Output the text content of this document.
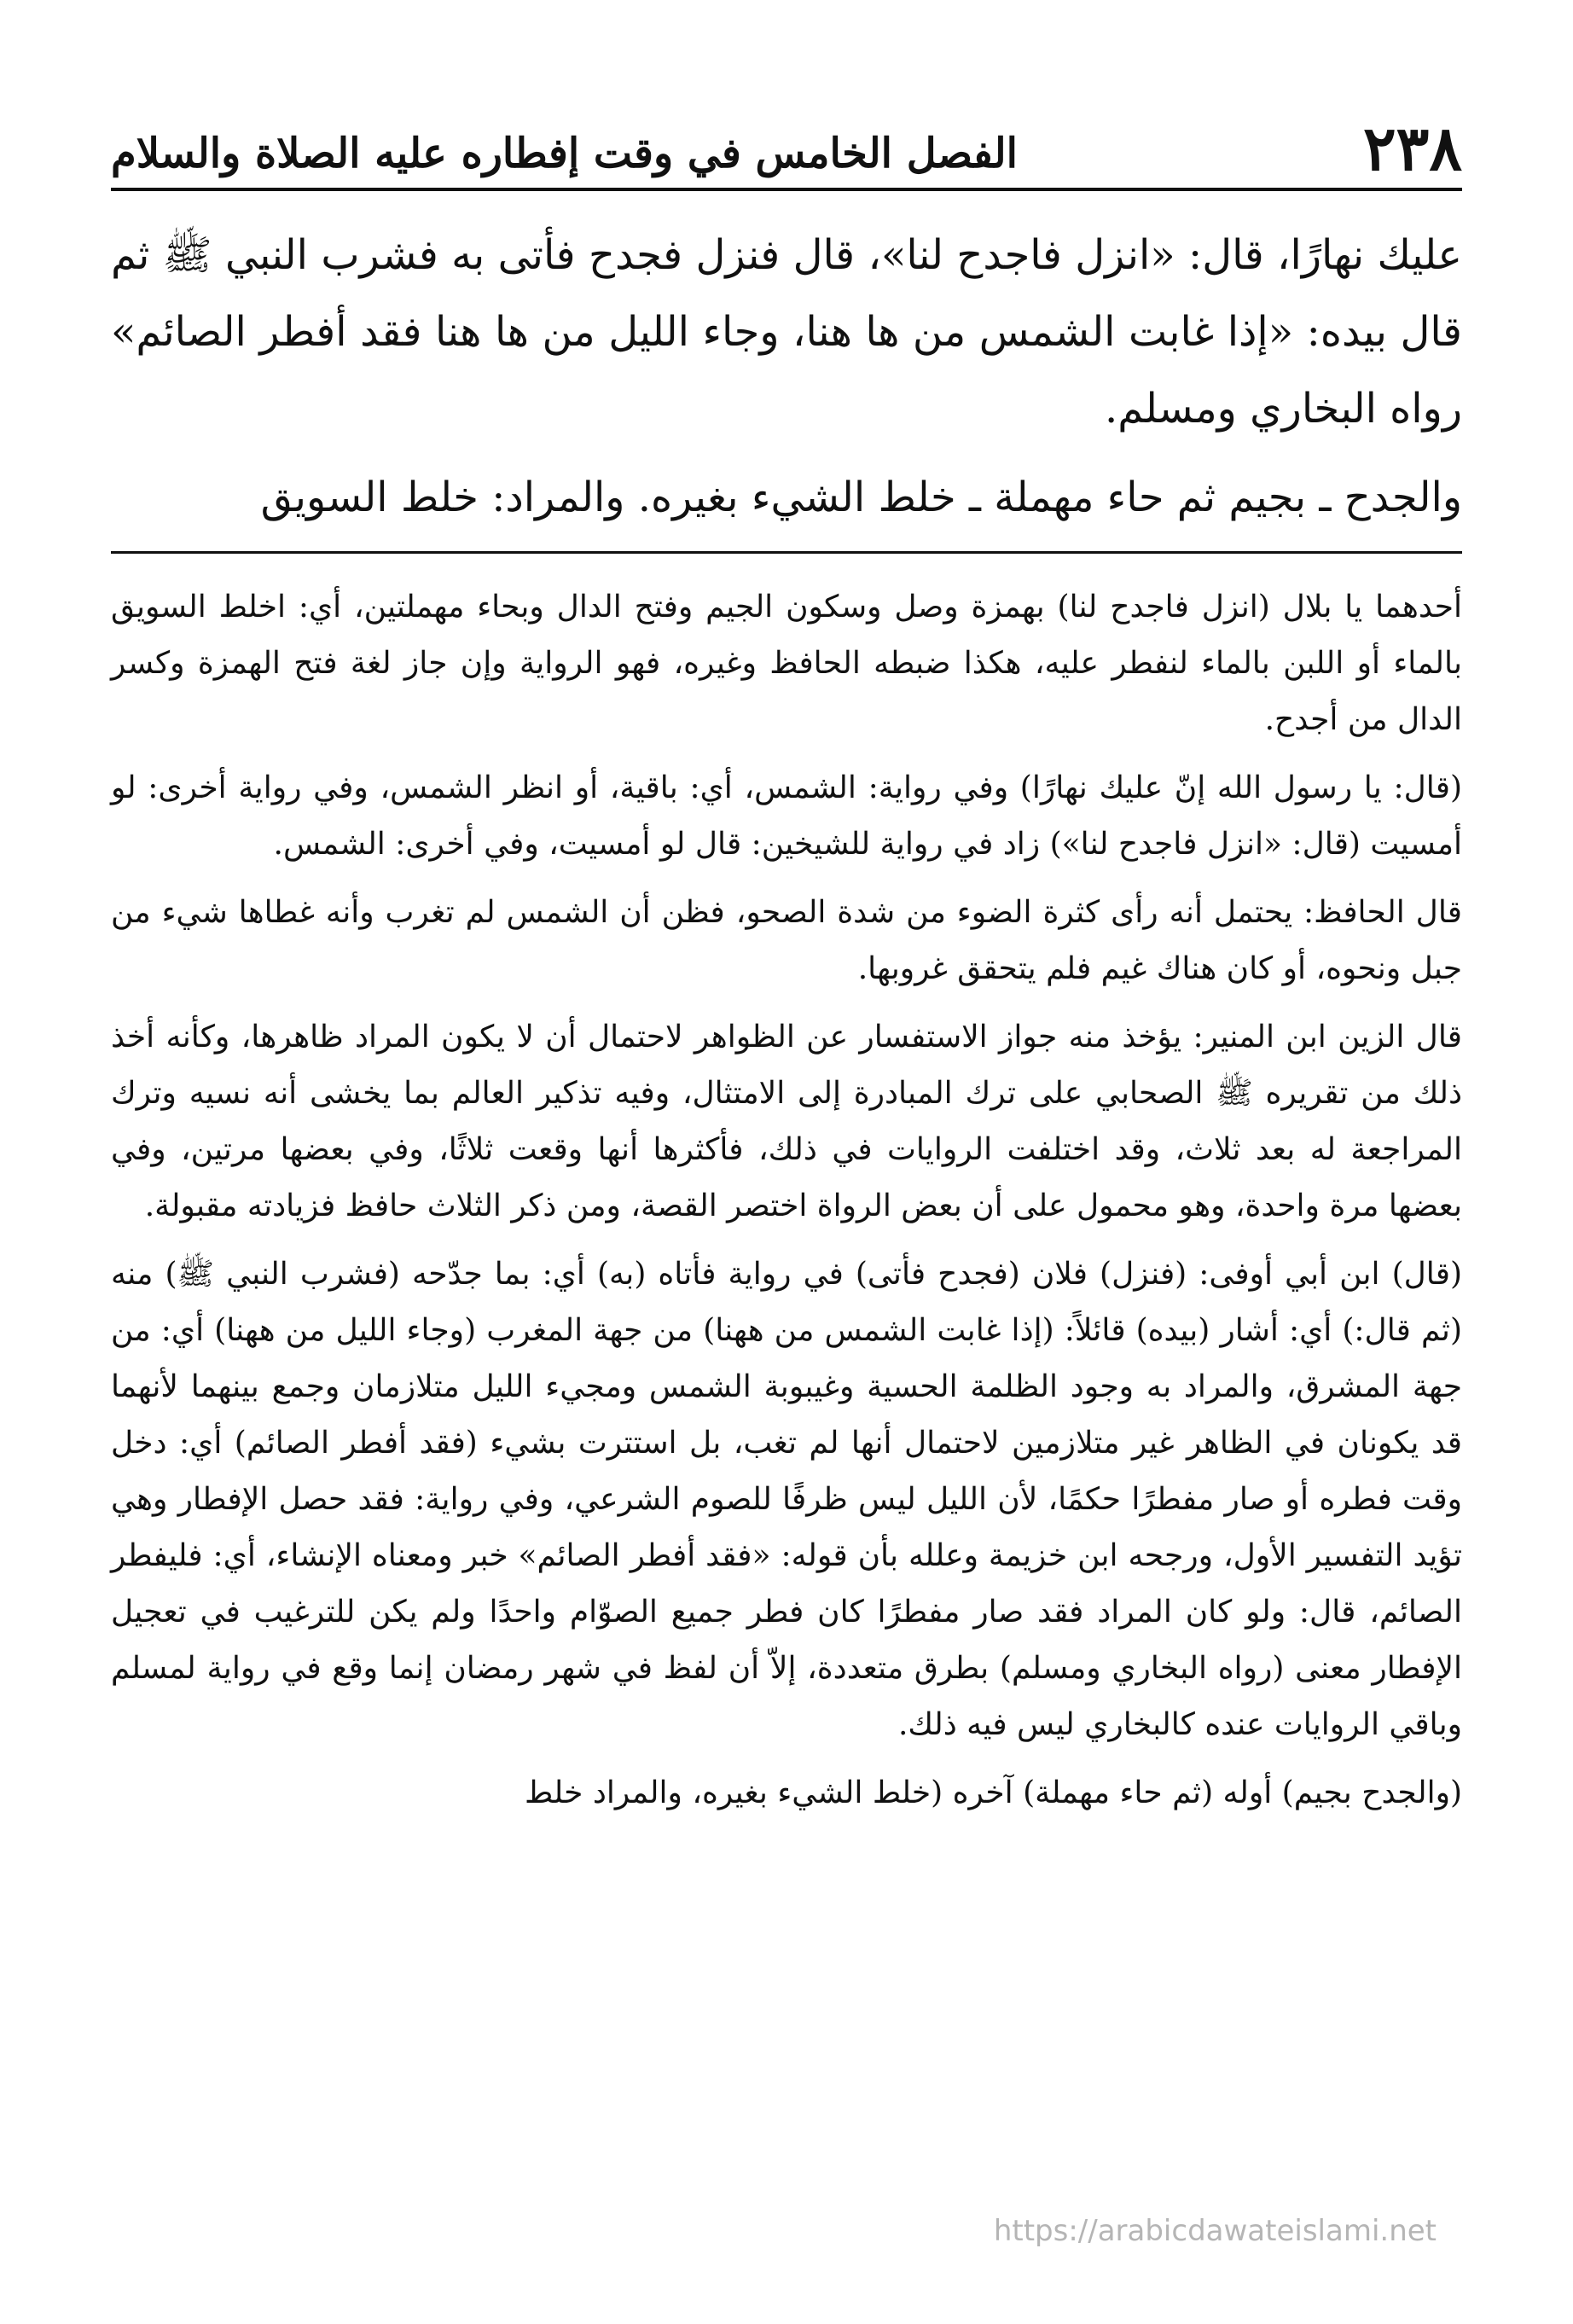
٢٣٨
الفصل الخامس في وقت إفطاره عليه الصلاة والسلام

عليك نهارًا، قال: «انزل فاجدح لنا»، قال فنزل فجدح فأتى به فشرب النبي ﷺ ثم قال بيده: «إذا غابت الشمس من ها هنا، وجاء الليل من ها هنا فقد أفطر الصائم» رواه البخاري ومسلم.

والجدح ـ بجيم ثم حاء مهملة ـ خلط الشيء بغيره. والمراد: خلط السويق

أحدهما يا بلال (انزل فاجدح لنا) بهمزة وصل وسكون الجيم وفتح الدال وبحاء مهملتين، أي: اخلط السويق بالماء أو اللبن بالماء لنفطر عليه، هكذا ضبطه الحافظ وغيره، فهو الرواية وإن جاز لغة فتح الهمزة وكسر الدال من أجدح.

(قال: يا رسول الله إنّ عليك نهارًا) وفي رواية: الشمس، أي: باقية، أو انظر الشمس، وفي رواية أخرى: لو أمسيت (قال: «انزل فاجدح لنا») زاد في رواية للشيخين: قال لو أمسيت، وفي أخرى: الشمس.

قال الحافظ: يحتمل أنه رأى كثرة الضوء من شدة الصحو، فظن أن الشمس لم تغرب وأنه غطاها شيء من جبل ونحوه، أو كان هناك غيم فلم يتحقق غروبها.

قال الزين ابن المنير: يؤخذ منه جواز الاستفسار عن الظواهر لاحتمال أن لا يكون المراد ظاهرها، وكأنه أخذ ذلك من تقريره ﷺ الصحابي على ترك المبادرة إلى الامتثال، وفيه تذكير العالم بما يخشى أنه نسيه وترك المراجعة له بعد ثلاث، وقد اختلفت الروايات في ذلك، فأكثرها أنها وقعت ثلاثًا، وفي بعضها مرتين، وفي بعضها مرة واحدة، وهو محمول على أن بعض الرواة اختصر القصة، ومن ذكر الثلاث حافظ فزيادته مقبولة.

(قال) ابن أبي أوفى: (فنزل) فلان (فجدح فأتى) في رواية فأتاه (به) أي: بما جدّحه (فشرب النبي ﷺ) منه (ثم قال:) أي: أشار (بيده) قائلاً: (إذا غابت الشمس من ههنا) من جهة المغرب (وجاء الليل من ههنا) أي: من جهة المشرق، والمراد به وجود الظلمة الحسية وغيبوبة الشمس ومجيء الليل متلازمان وجمع بينهما لأنهما قد يكونان في الظاهر غير متلازمين لاحتمال أنها لم تغب، بل استترت بشيء (فقد أفطر الصائم) أي: دخل وقت فطره أو صار مفطرًا حكمًا، لأن الليل ليس ظرفًا للصوم الشرعي، وفي رواية: فقد حصل الإفطار وهي تؤيد التفسير الأول، ورجحه ابن خزيمة وعلله بأن قوله: «فقد أفطر الصائم» خبر ومعناه الإنشاء، أي: فليفطر الصائم، قال: ولو كان المراد فقد صار مفطرًا كان فطر جميع الصوّام واحدًا ولم يكن للترغيب في تعجيل الإفطار معنى (رواه البخاري ومسلم) بطرق متعددة، إلاّ أن لفظ في شهر رمضان إنما وقع في رواية لمسلم وباقي الروايات عنده كالبخاري ليس فيه ذلك.

(والجدح بجيم) أوله (ثم حاء مهملة) آخره (خلط الشيء بغيره، والمراد خلط

https://arabicdawateislami.net
